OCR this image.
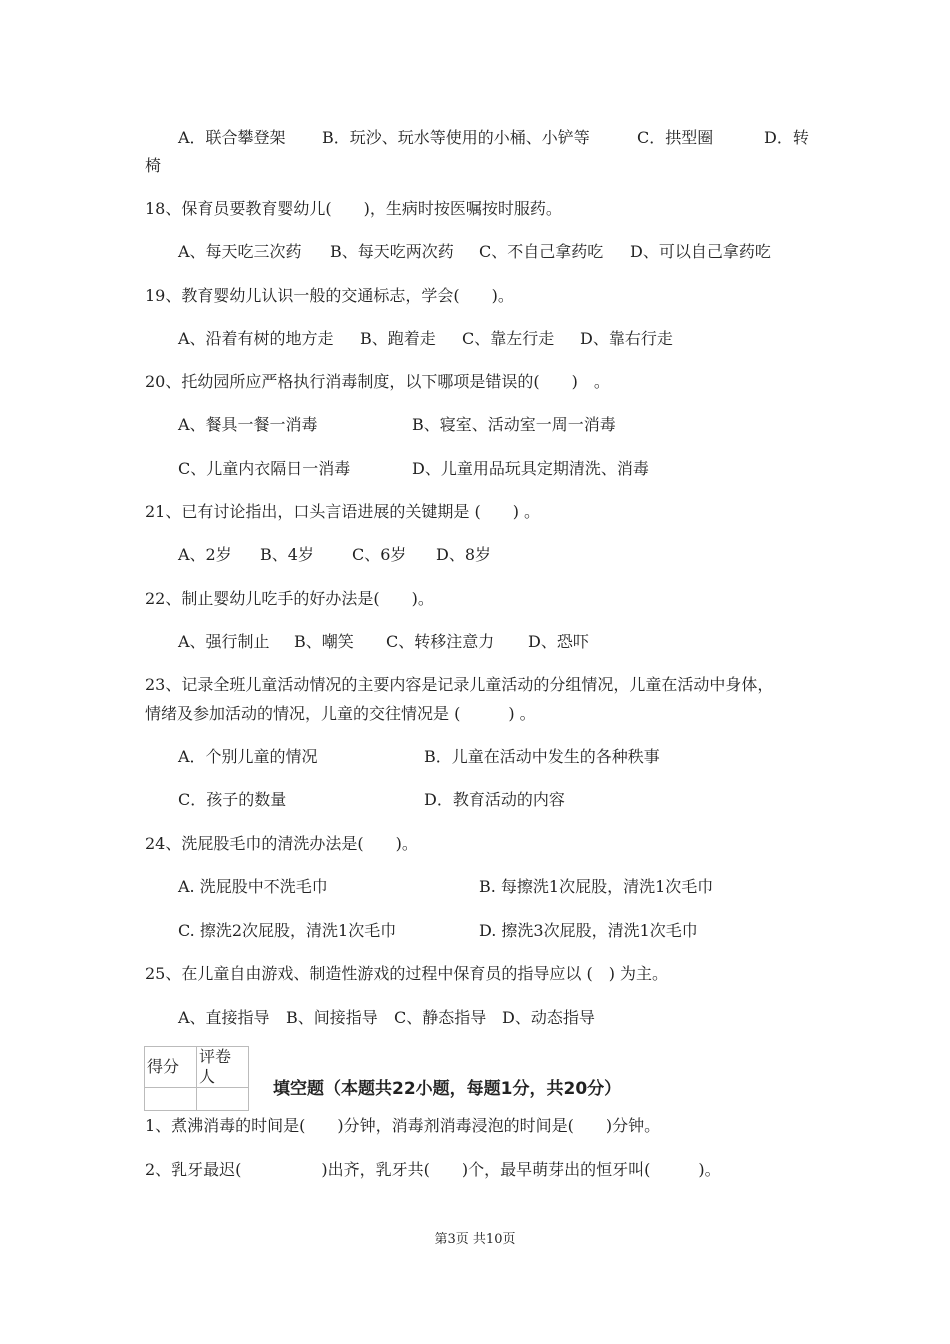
A．联合攀登架 B．玩沙、玩水等使用的小桶、小铲等	C．拱型圈	D．转
椅
18、保育员要教育婴幼儿(　　)，生病时按医嘱按时服药。
A、每天吃三次药 B、每天吃两次药 C、不自己拿药吃 D、可以自己拿药吃
19、教育婴幼儿认识一般的交通标志，学会(　　)。
A、沿着有树的地方走 B、跑着走 C、靠左行走 D、靠右行走
20、托幼园所应严格执行消毒制度，以下哪项是错误的(　　)　。
A、餐具一餐一消毒	B、寝室、活动室一周一消毒
C、儿童内衣隔日一消毒	D、儿童用品玩具定期清洗、消毒
21、已有讨论指出，口头言语进展的关键期是 (　　) 。
A、2岁 B、4岁 C、6岁 D、8岁
22、制止婴幼儿吃手的好办法是(　　)。
A、强行制止 B、嘲笑 C、转移注意力 D、恐吓
23、记录全班儿童活动情况的主要内容是记录儿童活动的分组情况，儿童在活动中身体，
情绪及参加活动的情况，儿童的交往情况是 (　　　) 。
A．个别儿童的情况	B．儿童在活动中发生的各种秩事
C．孩子的数量	D．教育活动的内容
24、洗屁股毛巾的清洗办法是(　　)。
A. 洗屁股中不洗毛巾	B. 每擦洗1次屁股，清洗1次毛巾
C. 擦洗2次屁股，清洗1次毛巾	D. 擦洗3次屁股，清洗1次毛巾
25、在儿童自由游戏、制造性游戏的过程中保育员的指导应以 (　) 为主。
A、直接指导 B、间接指导 C、静态指导 D、动态指导
得分	评卷人

填空题（本题共22小题，每题1分，共20分）
1、煮沸消毒的时间是(　　)分钟，消毒剂消毒浸泡的时间是(　　)分钟。
2、乳牙最迟(　　　　　)出齐，乳牙共(　　)个，最早萌芽出的恒牙叫(　　　)。
第3页 共10页
